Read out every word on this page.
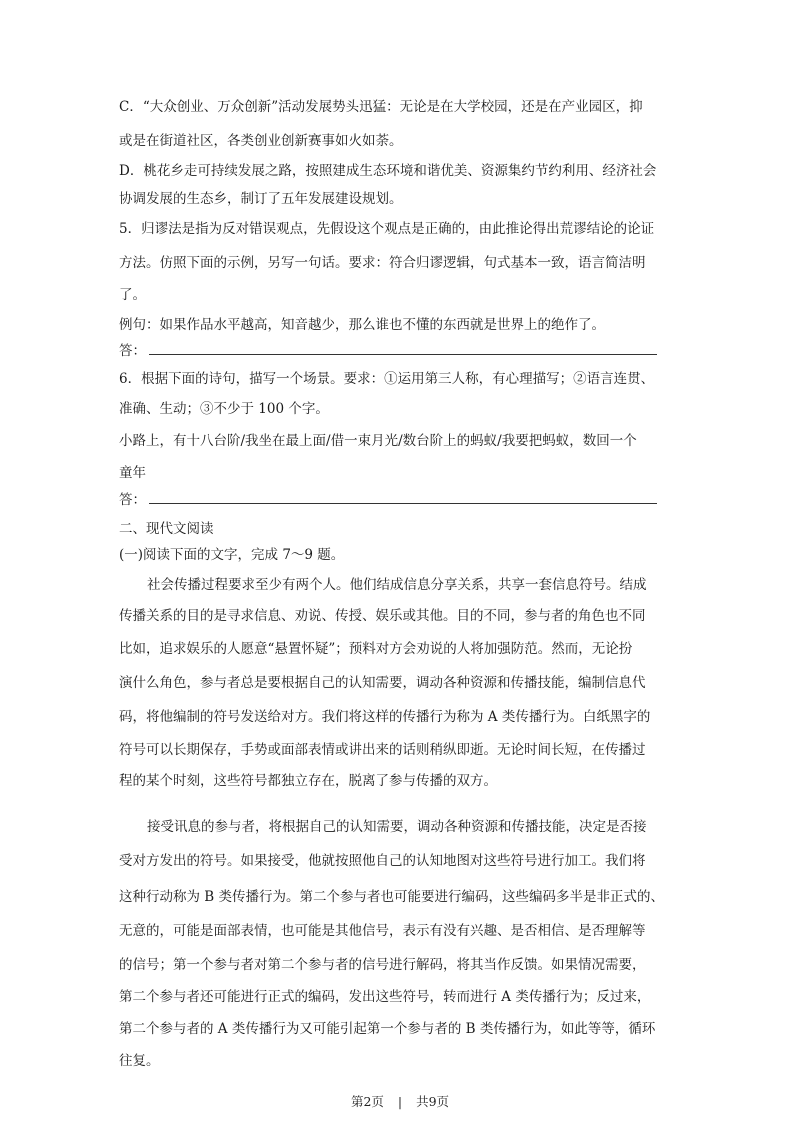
C．“大众创业、万众创新”活动发展势头迅猛：无论是在大学校园，还是在产业园区，抑
或是在街道社区，各类创业创新赛事如火如荼。
D．桃花乡走可持续发展之路，按照建成生态环境和谐优美、资源集约节约利用、经济社会
协调发展的生态乡，制订了五年发展建设规划。
5．归谬法是指为反对错误观点，先假设这个观点是正确的，由此推论得出荒谬结论的论证
方法。仿照下面的示例，另写一句话。要求：符合归谬逻辑，句式基本一致，语言简洁明
了。
例句：如果作品水平越高，知音越少，那么谁也不懂的东西就是世界上的绝作了。
答：
6．根据下面的诗句，描写一个场景。要求：①运用第三人称，有心理描写；②语言连贯、
准确、生动；③不少于 100 个字。
小路上，有十八台阶/我坐在最上面/借一束月光/数台阶上的蚂蚁/我要把蚂蚁，数回一个
童年
答：
二、现代文阅读
(一)阅读下面的文字，完成 7～9 题。
社会传播过程要求至少有两个人。他们结成信息分享关系，共享一套信息符号。结成
传播关系的目的是寻求信息、劝说、传授、娱乐或其他。目的不同，参与者的角色也不同
比如，追求娱乐的人愿意“悬置怀疑”；预料对方会劝说的人将加强防范。然而，无论扮
演什么角色，参与者总是要根据自己的认知需要，调动各种资源和传播技能，编制信息代
码，将他编制的符号发送给对方。我们将这样的传播行为称为 A 类传播行为。白纸黑字的
符号可以长期保存，手势或面部表情或讲出来的话则稍纵即逝。无论时间长短，在传播过
程的某个时刻，这些符号都独立存在，脱离了参与传播的双方。
接受讯息的参与者，将根据自己的认知需要，调动各种资源和传播技能，决定是否接
受对方发出的符号。如果接受，他就按照他自己的认知地图对这些符号进行加工。我们将
这种行动称为 B 类传播行为。第二个参与者也可能要进行编码，这些编码多半是非正式的、
无意的，可能是面部表情，也可能是其他信号，表示有没有兴趣、是否相信、是否理解等
的信号；第一个参与者对第二个参与者的信号进行解码，将其当作反馈。如果情况需要，
第二个参与者还可能进行正式的编码，发出这些符号，转而进行 A 类传播行为；反过来，
第二个参与者的 A 类传播行为又可能引起第一个参与者的 B 类传播行为，如此等等，循环
往复。
第2页 | 共9页
